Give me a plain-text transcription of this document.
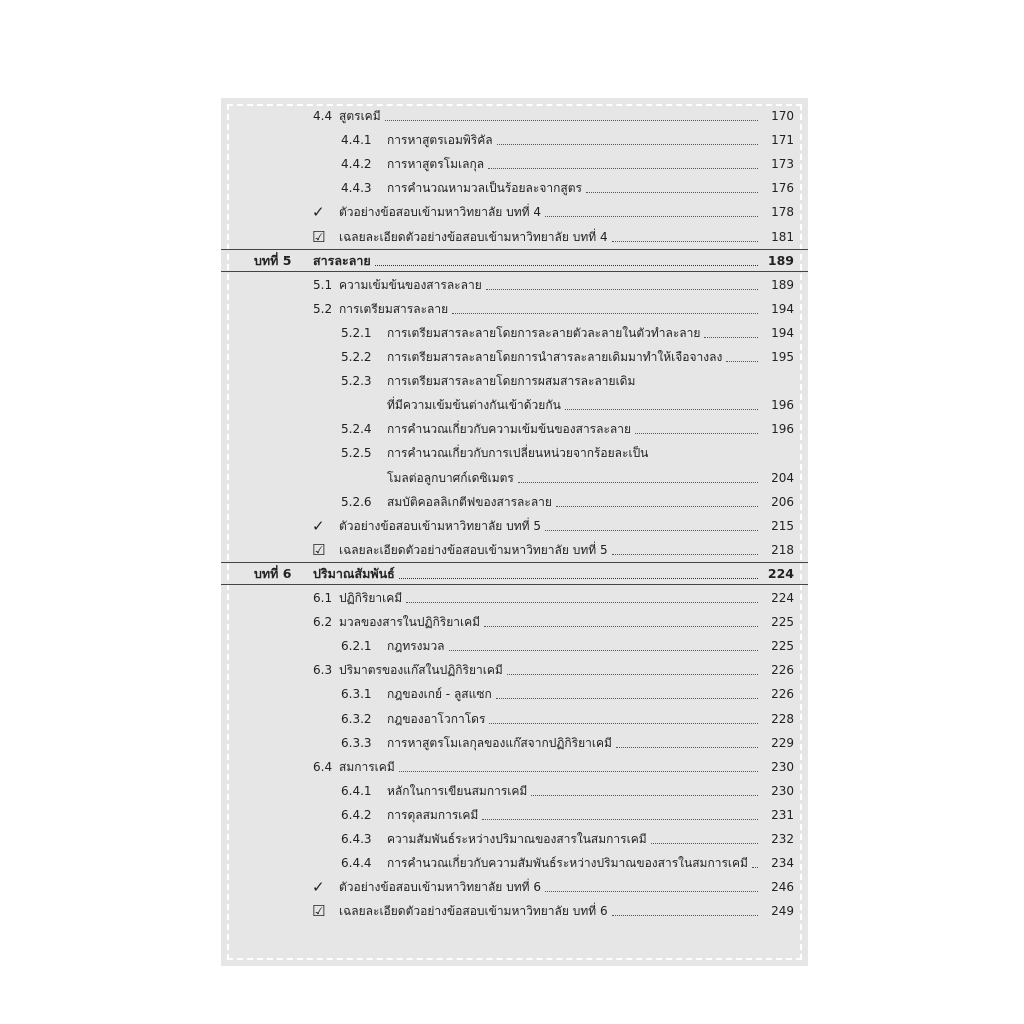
4.4 สูตรเคมี	170
4.4.1 การหาสูตรเอมพิริคัล	171
4.4.2 การหาสูตรโมเลกุล	173
4.4.3 การคำนวณหามวลเป็นร้อยละจากสูตร	176
✓ ตัวอย่างข้อสอบเข้ามหาวิทยาลัย บทที่ 4	178
☑ เฉลยละเอียดตัวอย่างข้อสอบเข้ามหาวิทยาลัย บทที่ 4	181
บทที่ 5 สารละลาย	189
5.1 ความเข้มข้นของสารละลาย	189
5.2 การเตรียมสารละลาย	194
5.2.1 การเตรียมสารละลายโดยการละลายตัวละลายในตัวทำละลาย	194
5.2.2 การเตรียมสารละลายโดยการนำสารละลายเดิมมาทำให้เจือจางลง	195
5.2.3 การเตรียมสารละลายโดยการผสมสารละลายเดิม
ที่มีความเข้มข้นต่างกันเข้าด้วยกัน	196
5.2.4 การคำนวณเกี่ยวกับความเข้มข้นของสารละลาย	196
5.2.5 การคำนวณเกี่ยวกับการเปลี่ยนหน่วยจากร้อยละเป็น
โมลต่อลูกบาศก์เดซิเมตร	204
5.2.6 สมบัติคอลลิเกตีฟของสารละลาย	206
✓ ตัวอย่างข้อสอบเข้ามหาวิทยาลัย บทที่ 5	215
☑ เฉลยละเอียดตัวอย่างข้อสอบเข้ามหาวิทยาลัย บทที่ 5	218
บทที่ 6 ปริมาณสัมพันธ์	224
6.1 ปฏิกิริยาเคมี	224
6.2 มวลของสารในปฏิกิริยาเคมี	225
6.2.1 กฎทรงมวล	225
6.3 ปริมาตรของแก๊สในปฏิกิริยาเคมี	226
6.3.1 กฎของเกย์ - ลูสแซก	226
6.3.2 กฎของอาโวกาโดร	228
6.3.3 การหาสูตรโมเลกุลของแก๊สจากปฏิกิริยาเคมี	229
6.4 สมการเคมี	230
6.4.1 หลักในการเขียนสมการเคมี	230
6.4.2 การดุลสมการเคมี	231
6.4.3 ความสัมพันธ์ระหว่างปริมาณของสารในสมการเคมี	232
6.4.4 การคำนวณเกี่ยวกับความสัมพันธ์ระหว่างปริมาณของสารในสมการเคมี	234
✓ ตัวอย่างข้อสอบเข้ามหาวิทยาลัย บทที่ 6	246
☑ เฉลยละเอียดตัวอย่างข้อสอบเข้ามหาวิทยาลัย บทที่ 6	249
